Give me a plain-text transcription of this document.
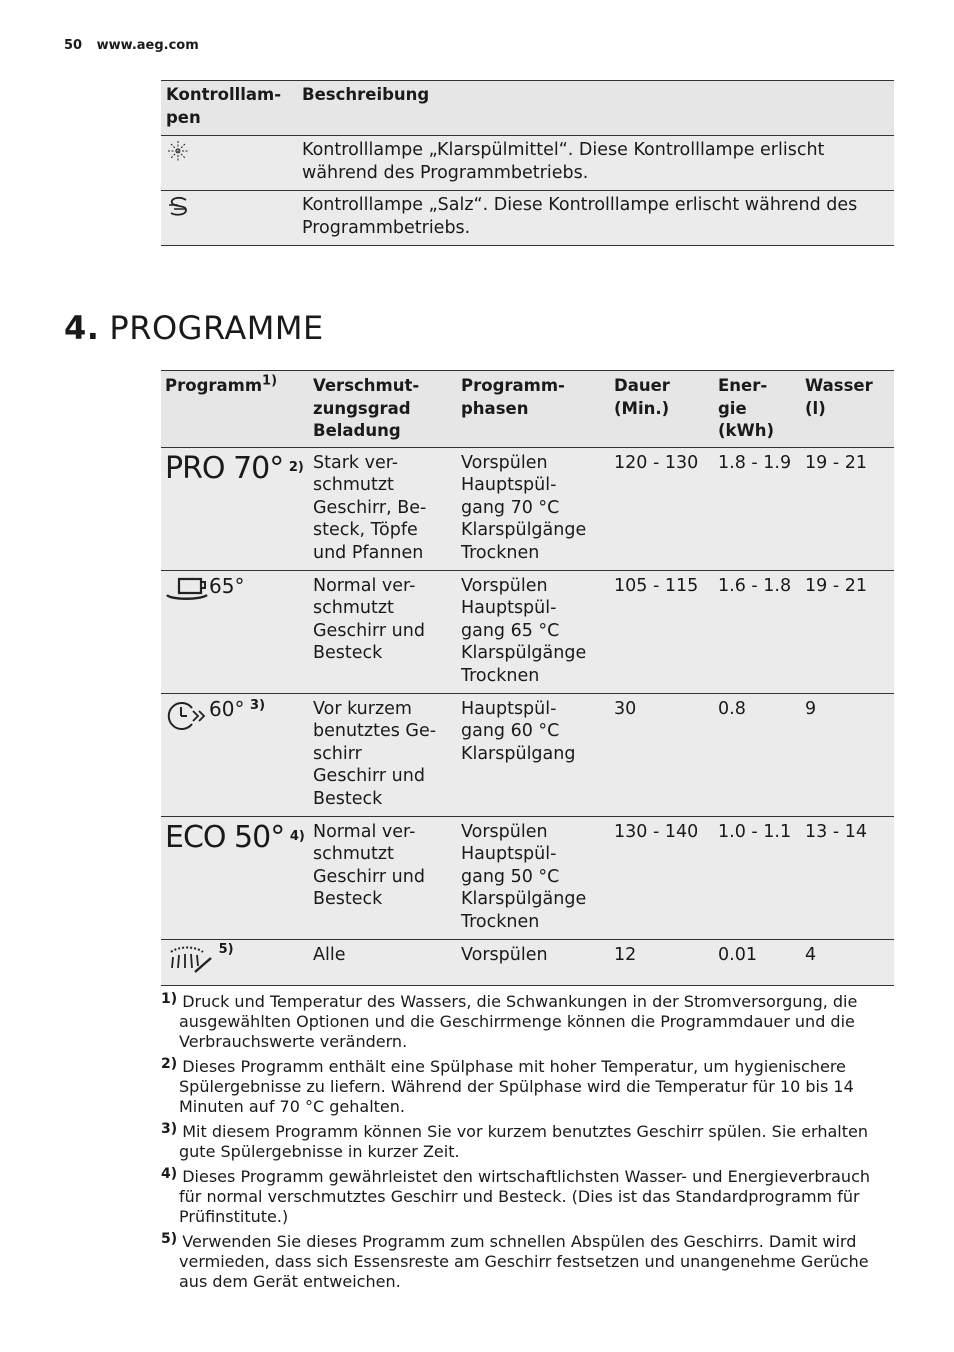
50 www.aeg.com
Kontrolllam-
pen	Beschreibung
	Kontrolllampe „Klarspülmittel“. Diese Kontrolllampe erlischt während des Programmbetriebs.
	Kontrolllampe „Salz“. Diese Kontrolllampe erlischt während des Programmbetriebs.
4. PROGRAMME
Programm$^{1)}$	Verschmut-
zungsgrad
Beladung	Programm-
phasen	Dauer
(Min.)	Ener-
gie
(kWh)	Wasser
(l)
PRO 70° $^{2)}$	Stark ver-
schmutzt
Geschirr, Be-
steck, Töpfe
und Pfannen	Vorspülen
Hauptspül-
gang 70 °C
Klarspülgänge
Trocknen	120 - 130	1.8 - 1.9	19 - 21
65°	Normal ver-
schmutzt
Geschirr und
Besteck	Vorspülen
Hauptspül-
gang 65 °C
Klarspülgänge
Trocknen	105 - 115	1.6 - 1.8	19 - 21
60° $^{3)}$	Vor kurzem
benutztes Ge-
schirr
Geschirr und
Besteck	Hauptspül-
gang 60 °C
Klarspülgang	30	0.8	9
ECO 50° $^{4)}$	Normal ver-
schmutzt
Geschirr und
Besteck	Vorspülen
Hauptspül-
gang 50 °C
Klarspülgänge
Trocknen	130 - 140	1.0 - 1.1	13 - 14
$^{5)}$	Alle	Vorspülen	12	0.01	4
1) Druck und Temperatur des Wassers, die Schwankungen in der Stromversorgung, die ausgewählten Optionen und die Geschirrmenge können die Programmdauer und die Verbrauchswerte verändern.
2) Dieses Programm enthält eine Spülphase mit hoher Temperatur, um hygienischere Spülergebnisse zu liefern. Während der Spülphase wird die Temperatur für 10 bis 14 Minuten auf 70 °C gehalten.
3) Mit diesem Programm können Sie vor kurzem benutztes Geschirr spülen. Sie erhalten gute Spülergebnisse in kurzer Zeit.
4) Dieses Programm gewährleistet den wirtschaftlichsten Wasser- und Energieverbrauch für normal verschmutztes Geschirr und Besteck. (Dies ist das Standardprogramm für Prüfinstitute.)
5) Verwenden Sie dieses Programm zum schnellen Abspülen des Geschirrs. Damit wird vermieden, dass sich Essensreste am Geschirr festsetzen und unangenehme Gerüche aus dem Gerät entweichen.
